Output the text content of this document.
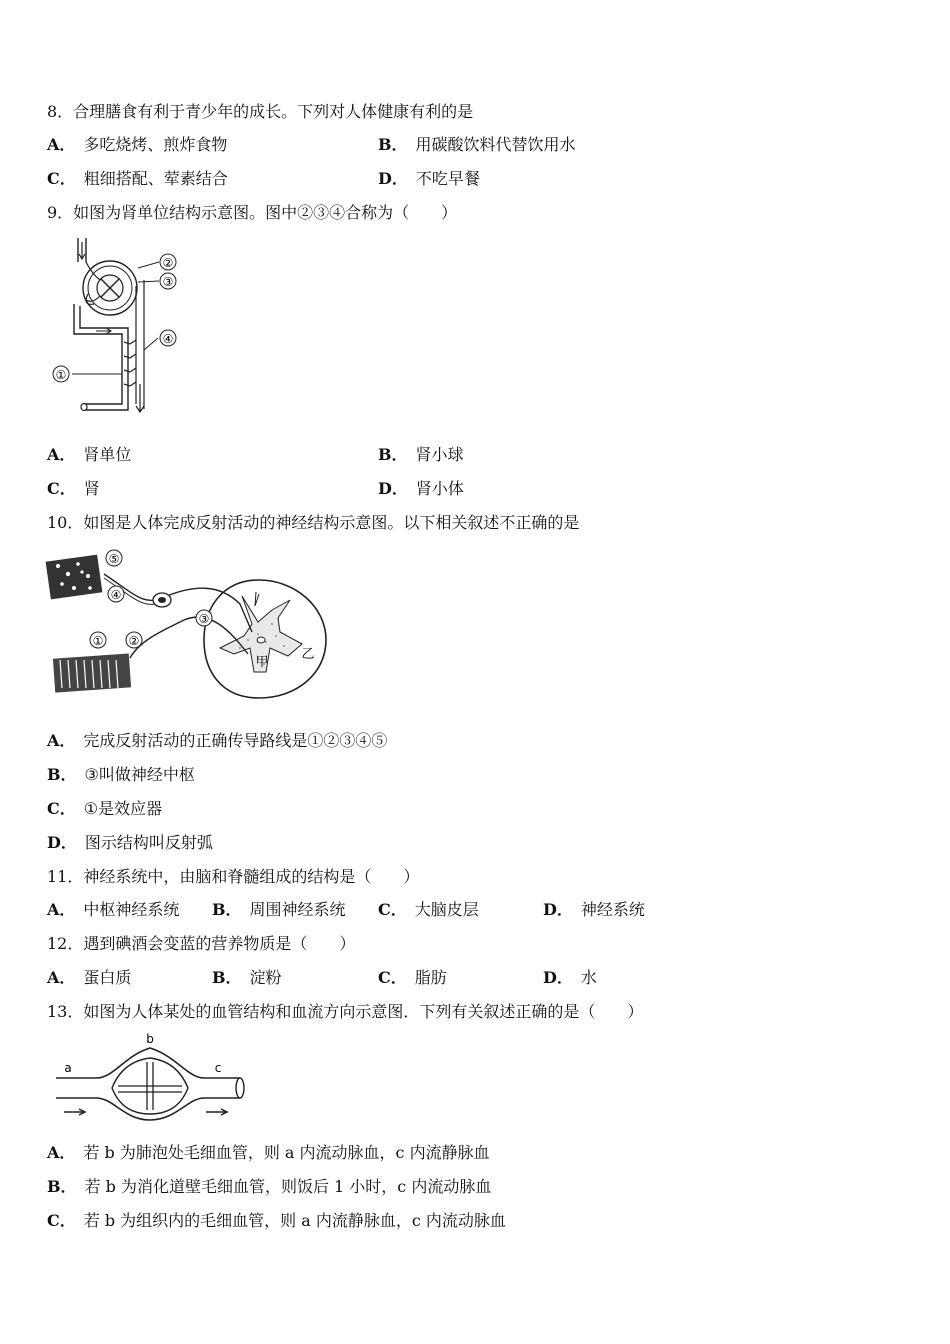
8．合理膳食有利于青少年的成长。下列对人体健康有利的是
A． 多吃烧烤、煎炸食物	B． 用碳酸饮料代替饮用水
C． 粗细搭配、荤素结合	D． 不吃早餐
9．如图为肾单位结构示意图。图中②③④合称为（　　）
②
③
④
①
A． 肾单位	B． 肾小球
C． 肾	D． 肾小体
10．如图是人体完成反射活动的神经结构示意图。以下相关叙述不正确的是
⑤
④
① ②
③
甲
乙
A． 完成反射活动的正确传导路线是①②③④⑤
B． ③叫做神经中枢
C． ①是效应器
D． 图示结构叫反射弧
11．神经系统中，由脑和脊髓组成的结构是（　　）
A． 中枢神经系统 B． 周围神经系统 C． 大脑皮层	D． 神经系统
12．遇到碘酒会变蓝的营养物质是（　　）
A． 蛋白质	B． 淀粉	C． 脂肪	D． 水
13．如图为人体某处的血管结构和血流方向示意图．下列有关叙述正确的是（　　）
a
b
c
A． 若 b 为肺泡处毛细血管，则 a 内流动脉血，c 内流静脉血
B． 若 b 为消化道壁毛细血管，则饭后 1 小时，c 内流动脉血
C． 若 b 为组织内的毛细血管，则 a 内流静脉血，c 内流动脉血
